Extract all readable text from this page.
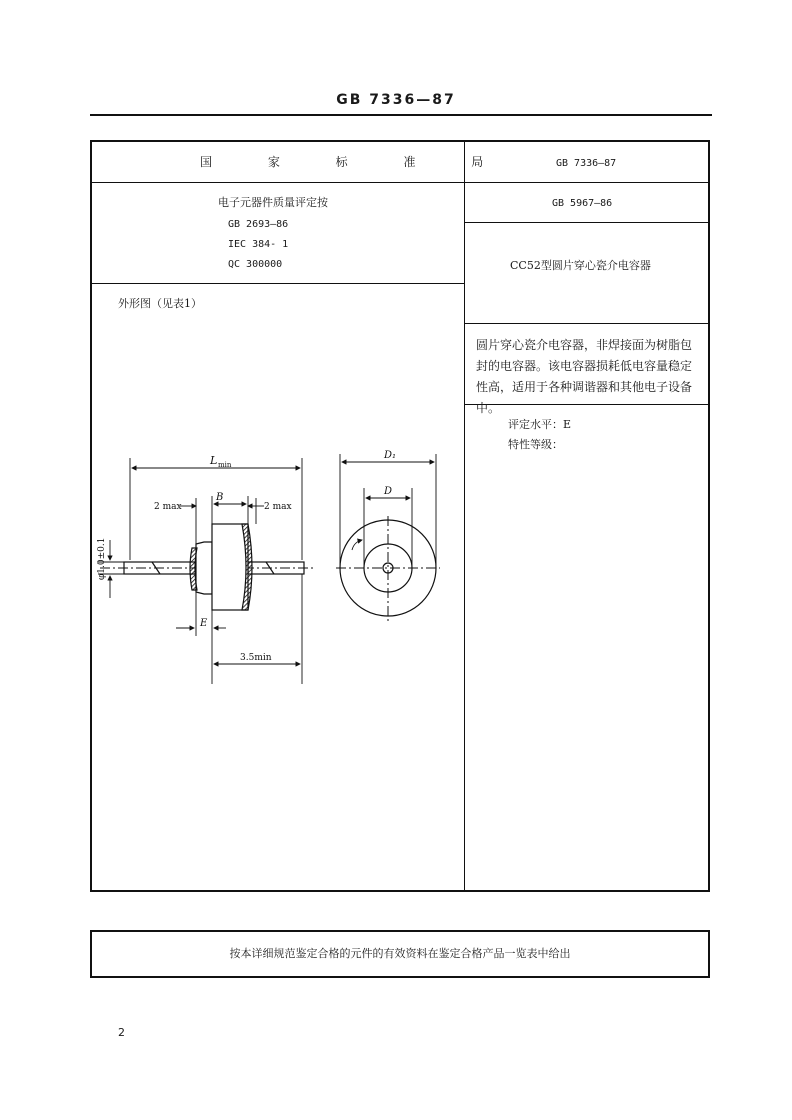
GB 7336—87
国 家 标 准 局
电子元器件质量评定按
GB 2693—86
IEC 384- 1
QC 300000
外形图（见表1）
GB 7336—87
GB 5967—86
CC52型圆片穿心瓷介电容器
圆片穿心瓷介电容器，非焊接面为树脂包封的电容器。该电容器损耗低电容量稳定性高，适用于各种调谐器和其他电子设备中。
评定水平：E
特性等级：
L min
B
2 max	2 max
φ1.0±0.1
E
3.5min
D₁
D
按本详细规范鉴定合格的元件的有效资料在鉴定合格产品一览表中给出
2
